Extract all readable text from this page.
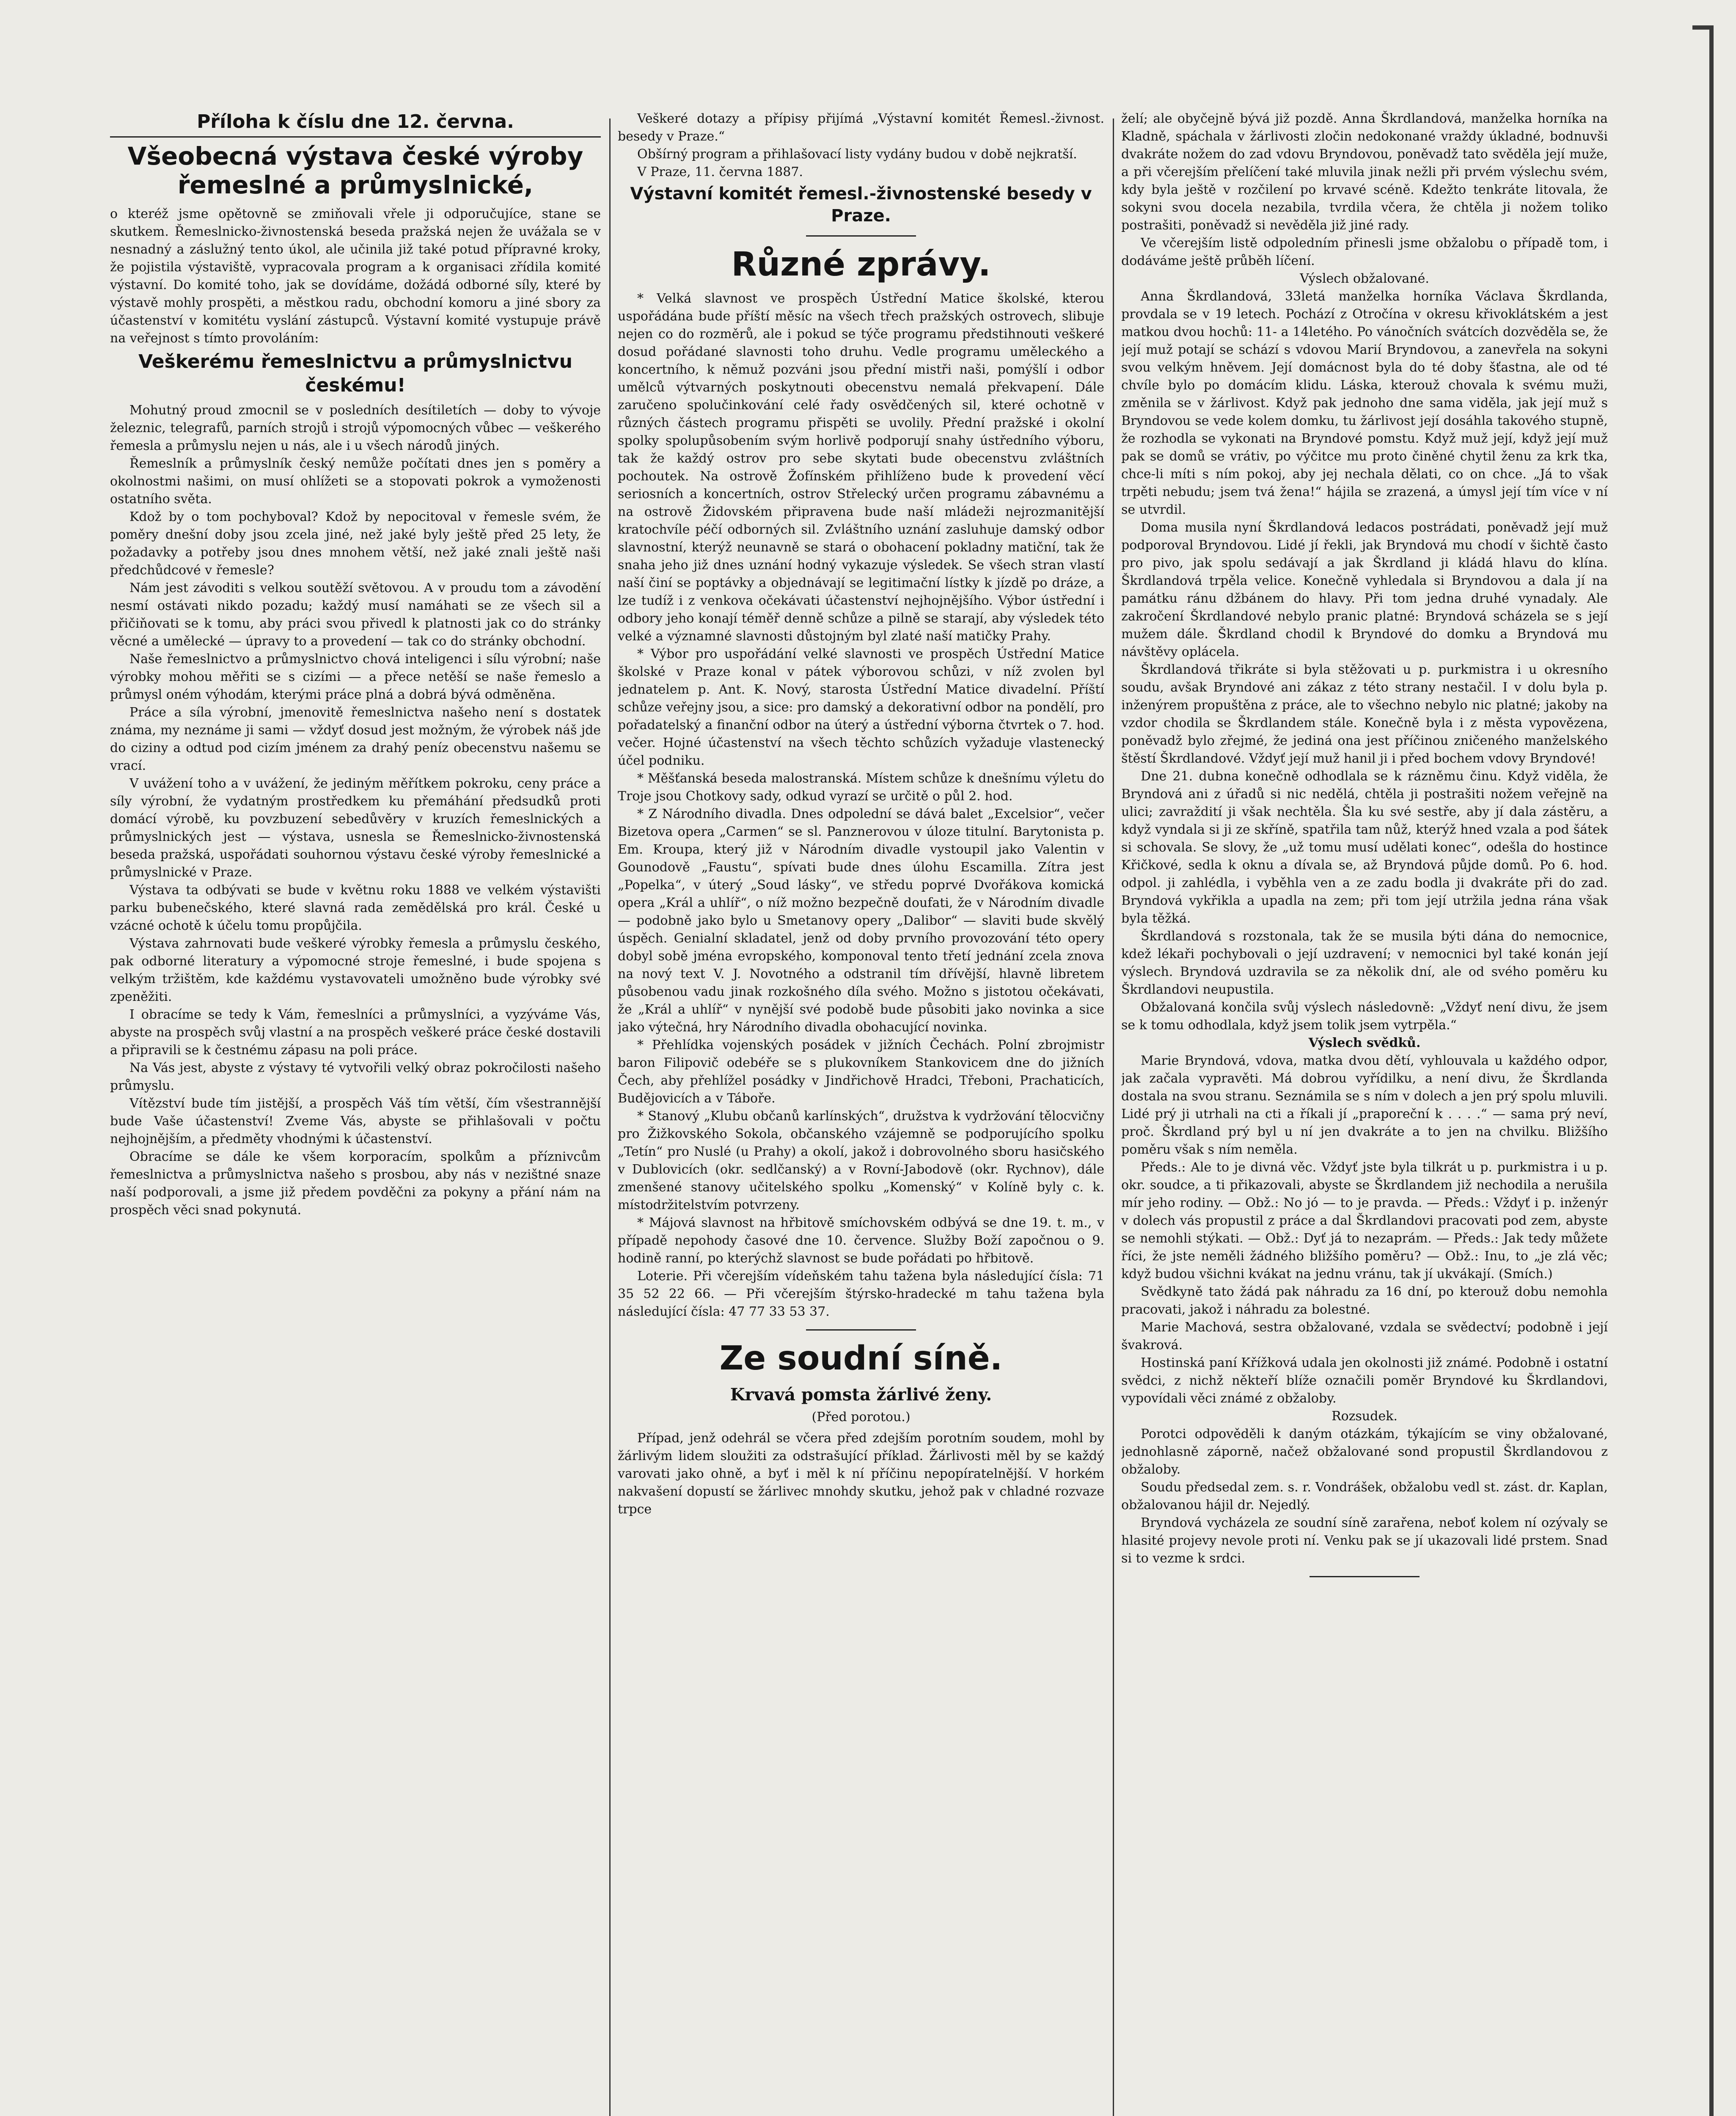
Příloha k číslu dne 12. června.
Všeobecná výstava české výroby řemeslné a průmyslnické,

o kteréž jsme opětovně se zmiňovali vřele ji odporučujíce, stane se skutkem. Řemeslnicko-živnostenská beseda pražská nejen že uvážala se v nesnadný a záslužný tento úkol, ale učinila již také potud přípravné kroky, že pojistila výstaviště, vypracovala program a k organisaci zřídila komité výstavní. Do komité toho, jak se dovídáme, dožádá odborné síly, které by výstavě mohly prospěti, a městkou radu, obchodní komoru a jiné sbory za účastenství v komitétu vyslání zástupců. Výstavní komité vystupuje právě na veřejnost s tímto provoláním:

Veškerému řemeslnictvu a průmyslnictvu českému!

Mohutný proud zmocnil se v posledních desítiletích — doby to vývoje železnic, telegrafů, parních strojů i strojů výpomocných vůbec — veškerého řemesla a průmyslu nejen u nás, ale i u všech národů jiných.

Řemeslník a průmyslník český nemůže počítati dnes jen s poměry a okolnostmi našimi, on musí ohlížeti se a stopovati pokrok a vymoženosti ostatního světa.

Kdož by o tom pochyboval? Kdož by nepocitoval v řemesle svém, že poměry dnešní doby jsou zcela jiné, než jaké byly ještě před 25 lety, že požadavky a potřeby jsou dnes mnohem větší, než jaké znali ještě naši předchůdcové v řemesle?

Nám jest závoditi s velkou soutěží světovou. A v proudu tom a závodění nesmí ostávati nikdo pozadu; každý musí namáhati se ze všech sil a přičiňovati se k tomu, aby práci svou přivedl k platnosti jak co do stránky věcné a umělecké — úpravy to a provedení — tak co do stránky obchodní.

Naše řemeslnictvo a průmyslnictvo chová inteligenci i sílu výrobní; naše výrobky mohou měřiti se s cizími — a přece netěší se naše řemeslo a průmysl oném výhodám, kterými práce plná a dobrá bývá odměněna.

Práce a síla výrobní, jmenovitě řemeslnictva našeho není s dostatek známa, my neznáme ji sami — vždyť dosud jest možným, že výrobek náš jde do ciziny a odtud pod cizím jménem za drahý peníz obecenstvu našemu se vrací.

V uvážení toho a v uvážení, že jediným měřítkem pokroku, ceny práce a síly výrobní, že vydatným prostředkem ku přemáhání předsudků proti domácí výrobě, ku povzbuzení sebedůvěry v kruzích řemeslnických a průmyslnických jest — výstava, usnesla se Řemeslnicko-živnostenská beseda pražská, uspořádati souhornou výstavu české výroby řemeslnické a průmyslnické v Praze.

Výstava ta odbývati se bude v květnu roku 1888 ve velkém výstavišti parku bubenečského, které slavná rada zemědělská pro král. České u vzácné ochotě k účelu tomu propůjčila.

Výstava zahrnovati bude veškeré výrobky řemesla a průmyslu českého, pak odborné literatury a výpomocné stroje řemeslné, i bude spojena s velkým tržištěm, kde každému vystavovateli umožněno bude výrobky své zpeněžiti.

I obracíme se tedy k Vám, řemeslníci a průmyslníci, a vyzýváme Vás, abyste na prospěch svůj vlastní a na prospěch veškeré práce české dostavili a připravili se k čestnému zápasu na poli práce.

Na Vás jest, abyste z výstavy té vytvořili velký obraz pokročilosti našeho průmyslu.

Vítězství bude tím jistější, a prospěch Váš tím větší, čím všestrannější bude Vaše účastenství! Zveme Vás, abyste se přihlašovali v počtu nejhojnějším, a předměty vhodnými k účastenství.

Obracíme se dále ke všem korporacím, spolkům a příznivcům řemeslnictva a průmyslnictva našeho s prosbou, aby nás v nezištné snaze naší podporovali, a jsme již předem povděčni za pokyny a přání nám na prospěch věci snad pokynutá.

Veškeré dotazy a přípisy přijímá „Výstavní komitét Řemesl.-živnost. besedy v Praze.“

Obšírný program a přihlašovací listy vydány budou v době nejkratší.

V Praze, 11. června 1887.

Výstavní komitét řemesl.-živnostenské besedy v Praze.
Různé zprávy.

* Velká slavnost ve prospěch Ústřední Matice školské, kterou uspořádána bude příští měsíc na všech třech pražských ostrovech, slibuje nejen co do rozměrů, ale i pokud se týče programu předstihnouti veškeré dosud pořádané slavnosti toho druhu. Vedle programu uměleckého a koncertního, k němuž pozváni jsou přední mistři naši, pomýšlí i odbor umělců výtvarných poskytnouti obecenstvu nemalá překvapení. Dále zaručeno spolučinkování celé řady osvědčených sil, které ochotně v různých částech programu přispěti se uvolily. Přední pražské i okolní spolky spolupůsobením svým horlivě podporují snahy ústředního výboru, tak že každý ostrov pro sebe skytati bude obecenstvu zvláštních pochoutek. Na ostrově Žofínském přihlíženo bude k provedení věcí seriosních a koncertních, ostrov Střelecký určen programu zábavnému a na ostrově Židovském připravena bude naší mládeži nejrozmanitější kratochvíle péčí odborných sil. Zvláštního uznání zasluhuje damský odbor slavnostní, kterýž neunavně se stará o obohacení pokladny matiční, tak že snaha jeho již dnes uznání hodný vykazuje výsledek. Se všech stran vlastí naší činí se poptávky a objednávají se legitimační lístky k jízdě po dráze, a lze tudíž i z venkova očekávati účastenství nejhojnějšího. Výbor ústřední i odbory jeho konají téměř denně schůze a pilně se starají, aby výsledek této velké a významné slavnosti důstojným byl zlaté naší matičky Prahy.

* Výbor pro uspořádání velké slavnosti ve prospěch Ústřední Matice školské v Praze konal v pátek výborovou schůzi, v níž zvolen byl jednatelem p. Ant. K. Nový, starosta Ústřední Matice divadelní. Příští schůze veřejny jsou, a sice: pro damský a dekorativní odbor na pondělí, pro pořadatelský a finanční odbor na úterý a ústřední výborna čtvrtek o 7. hod. večer. Hojné účastenství na všech těchto schůzích vyžaduje vlastenecký účel podniku.

* Měšťanská beseda malostranská. Místem schůze k dnešnímu výletu do Troje jsou Chotkovy sady, odkud vyrazí se určitě o půl 2. hod.

* Z Národního divadla. Dnes odpolední se dává balet „Excelsior“, večer Bizetova opera „Carmen“ se sl. Panznerovou v úloze titulní. Barytonista p. Em. Kroupa, který již v Národním divadle vystoupil jako Valentin v Gounodově „Faustu“, spívati bude dnes úlohu Escamilla. Zítra jest „Popelka“, v úterý „Soud lásky“, ve středu poprvé Dvořákova komická opera „Král a uhlíř“, o níž možno bezpečně doufati, že v Národním divadle — podobně jako bylo u Smetanovy opery „Dalibor“ — slaviti bude skvělý úspěch. Genialní skladatel, jenž od doby prvního provozování této opery dobyl sobě jména evropského, komponoval tento třetí jednání zcela znova na nový text V. J. Novotného a odstranil tím dřívější, hlavně libretem působenou vadu jinak rozkošného díla svého. Možno s jistotou očekávati, že „Král a uhlíř“ v nynější své podobě bude působiti jako novinka a sice jako výtečná, hry Národního divadla obohacující novinka.

* Přehlídka vojenských posádek v jižních Čechách. Polní zbrojmistr baron Filipovič odebéře se s plukovníkem Stankovicem dne do jižních Čech, aby přehlížel posádky v Jindřichově Hradci, Třeboni, Prachaticích, Budějovicích a v Táboře.

* Stanový „Klubu občanů karlínských“, družstva k vydržování tělocvičny pro Žižkovského Sokola, občanského vzájemně se podporujícího spolku „Tetín“ pro Nuslé (u Prahy) a okolí, jakož i dobrovolného sboru hasičského v Dublovicích (okr. sedlčanský) a v Rovní-Jabodově (okr. Rychnov), dále zmenšené stanovy učitelského spolku „Komenský“ v Kolíně byly c. k. místodržitelstvím potvrzeny.

* Májová slavnost na hřbitově smíchovském odbývá se dne 19. t. m., v případě nepohody časové dne 10. července. Služby Boží započnou o 9. hodině ranní, po kterýchž slavnost se bude pořádati po hřbitově.

Loterie. Při včerejším vídeňském tahu tažena byla následující čísla: 71 35 52 22 66. — Při včerejším štýrsko-hradecké m tahu tažena byla následující čísla: 47 77 33 53 37.

Ze soudní síně.
Krvavá pomsta žárlivé ženy.
(Před porotou.)

Případ, jenž odehrál se včera před zdejším porotním soudem, mohl by žárlivým lidem sloužiti za odstrašující příklad. Žárlivosti měl by se každý varovati jako ohně, a byť i měl k ní příčinu nepopíratelnější. V horkém nakvašení dopustí se žárlivec mnohdy skutku, jehož pak v chladné rozvaze trpce

želí; ale obyčejně bývá již pozdě. Anna Škrdlandová, manželka horníka na Kladně, spáchala v žárlivosti zločin nedokonané vraždy úkladné, bodnuvši dvakráte nožem do zad vdovu Bryndovou, poněvadž tato svěděla její muže, a při včerejším přelíčení také mluvila jinak nežli při prvém výslechu svém, kdy byla ještě v rozčilení po krvavé scéně. Kdežto tenkráte litovala, že sokyni svou docela nezabila, tvrdila včera, že chtěla ji nožem toliko postrašiti, poněvadž si nevěděla již jiné rady.

Ve včerejším listě odpoledním přinesli jsme obžalobu o případě tom, i dodáváme ještě průběh líčení.

Výslech obžalované.

Anna Škrdlandová, 33letá manželka horníka Václava Škrdlanda, provdala se v 19 letech. Pochází z Otročína v okresu křivoklátském a jest matkou dvou hochů: 11- a 14letého. Po vánočních svátcích dozvěděla se, že její muž potají se schází s vdovou Marií Bryndovou, a zanevřela na sokyni svou velkým hněvem. Její domácnost byla do té doby šťastna, ale od té chvíle bylo po domácím klidu. Láska, kterouž chovala k svému muži, změnila se v žárlivost. Když pak jednoho dne sama viděla, jak její muž s Bryndovou se vede kolem domku, tu žárlivost její dosáhla takového stupně, že rozhodla se vykonati na Bryndové pomstu. Když muž její, když její muž pak se domů se vrátiv, po výčitce mu proto činěné chytil ženu za krk tka, chce-li míti s ním pokoj, aby jej nechala dělati, co on chce. „Já to však trpěti nebudu; jsem tvá žena!“ hájila se zrazená, a úmysl její tím více v ní se utvrdil.

Doma musila nyní Škrdlandová ledacos postrádati, poněvadž její muž podporoval Bryndovou. Lidé jí řekli, jak Bryndová mu chodí v šichtě často pro pivo, jak spolu sedávají a jak Škrdland ji kládá hlavu do klína. Škrdlandová trpěla velice. Konečně vyhledala si Bryndovou a dala jí na památku ránu džbánem do hlavy. Při tom jedna druhé vynadaly. Ale zakročení Škrdlandové nebylo pranic platné: Bryndová scházela se s její mužem dále. Škrdland chodil k Bryndové do domku a Bryndová mu návštěvy oplácela.

Škrdlandová třikráte si byla stěžovati u p. purkmistra i u okresního soudu, avšak Bryndové ani zákaz z této strany nestačil. I v dolu byla p. inženýrem propuštěna z práce, ale to všechno nebylo nic platné; jakoby na vzdor chodila se Škrdlandem stále. Konečně byla i z města vypovězena, poněvadž bylo zřejmé, že jediná ona jest příčinou zničeného manželského štěstí Škrdlandové. Vždyť její muž hanil ji i před bochem vdovy Bryndové!

Dne 21. dubna konečně odhodlala se k rázněmu činu. Když viděla, že Bryndová ani z úřadů si nic nedělá, chtěla ji postrašiti nožem veřejně na ulici; zavraždití ji však nechtěla. Šla ku své sestře, aby jí dala zástěru, a když vyndala si ji ze skříně, spatřila tam nůž, kterýž hned vzala a pod šátek si schovala. Se slovy, že „už tomu musí udělati konec“, odešla do hostince Křičkové, sedla k oknu a dívala se, až Bryndová půjde domů. Po 6. hod. odpol. ji zahlédla, i vyběhla ven a ze zadu bodla ji dvakráte při do zad. Bryndová vykřikla a upadla na zem; při tom její utržila jedna rána však byla těžká.

Škrdlandová s rozstonala, tak že se musila býti dána do nemocnice, kdež lékaři pochybovali o její uzdravení; v nemocnici byl také konán její výslech. Bryndová uzdravila se za několik dní, ale od svého poměru ku Škrdlandovi neupustila.

Obžalovaná končila svůj výslech následovně: „Vždyť není divu, že jsem se k tomu odhodlala, když jsem tolik jsem vytrpěla.“

Výslech svědků.

Marie Bryndová, vdova, matka dvou dětí, vyhlouvala u každého odpor, jak začala vypravěti. Má dobrou vyřídilku, a není divu, že Škrdlanda dostala na svou stranu. Seznámila se s ním v dolech a jen prý spolu mluvili. Lidé prý ji utrhali na cti a říkali jí „praporeční k . . . .“ — sama prý neví, proč. Škrdland prý byl u ní jen dvakráte a to jen na chvilku. Bližšího poměru však s ním neměla.

Předs.: Ale to je divná věc. Vždyť jste byla tilkrát u p. purkmistra i u p. okr. soudce, a ti přikazovali, abyste se Škrdlandem již nechodila a nerušila mír jeho rodiny. — Obž.: No jó — to je pravda. — Předs.: Vždyť i p. inženýr v dolech vás propustil z práce a dal Škrdlandovi pracovati pod zem, abyste se nemohli stýkati. — Obž.: Dyť já to nezaprám. — Předs.: Jak tedy můžete říci, že jste neměli žádného bližšího poměru? — Obž.: Inu, to „je zlá věc; když budou všichni kvákat na jednu vránu, tak jí ukvákají. (Smích.)

Svědkyně tato žádá pak náhradu za 16 dní, po kterouž dobu nemohla pracovati, jakož i náhradu za bolestné.

Marie Machová, sestra obžalované, vzdala se svědectví; podobně i její švakrová.

Hostinská paní Křížková udala jen okolnosti již známé. Podobně i ostatní svědci, z nichž někteří blíže označili poměr Bryndové ku Škrdlandovi, vypovídali věci známé z obžaloby.

Rozsudek.

Porotci odpověděli k daným otázkám, týkajícím se viny obžalované, jednohlasně záporně, načež obžalované sond propustil Škrdlandovou z obžaloby.

Soudu předsedal zem. s. r. Vondrášek, obžalobu vedl st. zást. dr. Kaplan, obžalovanou hájil dr. Nejedlý.

Bryndová vycházela ze soudní síně zarařena, neboť kolem ní ozývaly se hlasité projevy nevole proti ní. Venku pak se jí ukazovali lidé prstem. Snad si to vezme k srdci.
